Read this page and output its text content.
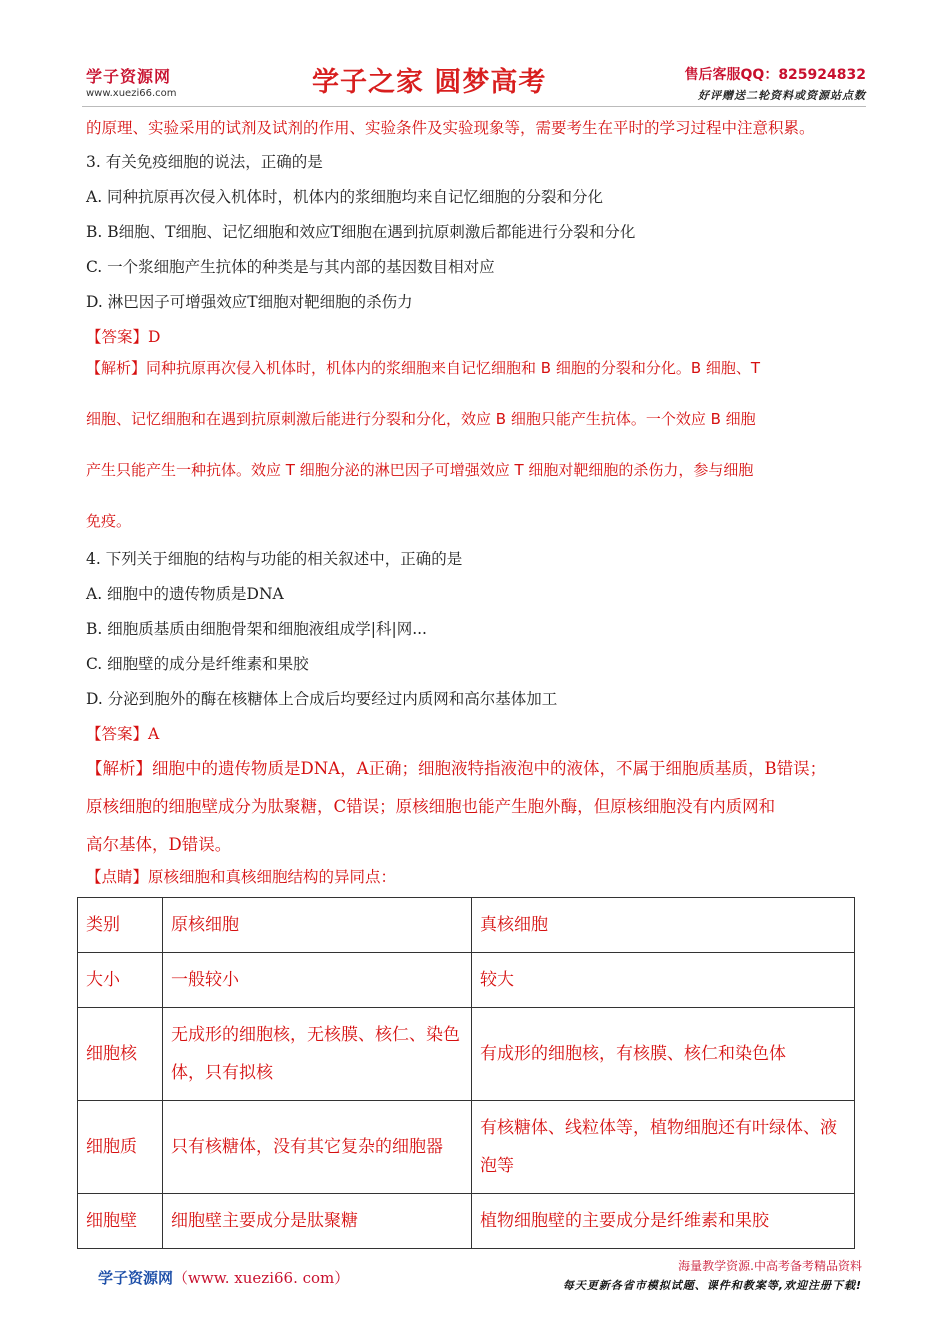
学子资源网
www.xuezi66.com	学子之家 圆梦高考	售后客服QQ：825924832
好评赠送二轮资料或资源站点数
的原理、实验采用的试剂及试剂的作用、实验条件及实验现象等，需要考生在平时的学习过程中注意积累。
3. 有关免疫细胞的说法，正确的是
A. 同种抗原再次侵入机体时，机体内的浆细胞均来自记忆细胞的分裂和分化
B. B细胞、T细胞、记忆细胞和效应T细胞在遇到抗原刺激后都能进行分裂和分化
C. 一个浆细胞产生抗体的种类是与其内部的基因数目相对应
D. 淋巴因子可增强效应T细胞对靶细胞的杀伤力
【答案】D
【解析】同种抗原再次侵入机体时，机体内的浆细胞来自记忆细胞和 B 细胞的分裂和分化。B 细胞、T
细胞、记忆细胞和在遇到抗原刺激后能进行分裂和分化，效应 B 细胞只能产生抗体。一个效应 B 细胞
产生只能产生一种抗体。效应 T 细胞分泌的淋巴因子可增强效应 T 细胞对靶细胞的杀伤力，参与细胞
免疫。
4. 下列关于细胞的结构与功能的相关叙述中，正确的是
A. 细胞中的遗传物质是DNA
B. 细胞质基质由细胞骨架和细胞液组成学|科|网...
C. 细胞壁的成分是纤维素和果胶
D. 分泌到胞外的酶在核糖体上合成后均要经过内质网和高尔基体加工
【答案】A
【解析】细胞中的遗传物质是DNA，A正确；细胞液特指液泡中的液体，不属于细胞质基质，B错误；
原核细胞的细胞壁成分为肽聚糖，C错误；原核细胞也能产生胞外酶，但原核细胞没有内质网和
高尔基体，D错误。
【点睛】原核细胞和真核细胞结构的异同点：
类别	原核细胞	真核细胞
大小	一般较小	较大
细胞核	无成形的细胞核，无核膜、核仁、染色体，只有拟核	有成形的细胞核，有核膜、核仁和染色体
细胞质	只有核糖体，没有其它复杂的细胞器	有核糖体、线粒体等，植物细胞还有叶绿体、液泡等
细胞壁	细胞壁主要成分是肽聚糖	植物细胞壁的主要成分是纤维素和果胶
学子资源网（www. xuezi66. com）
海量教学资源.中高考备考精品资料
每天更新各省市模拟试题、课件和教案等,欢迎注册下载!
